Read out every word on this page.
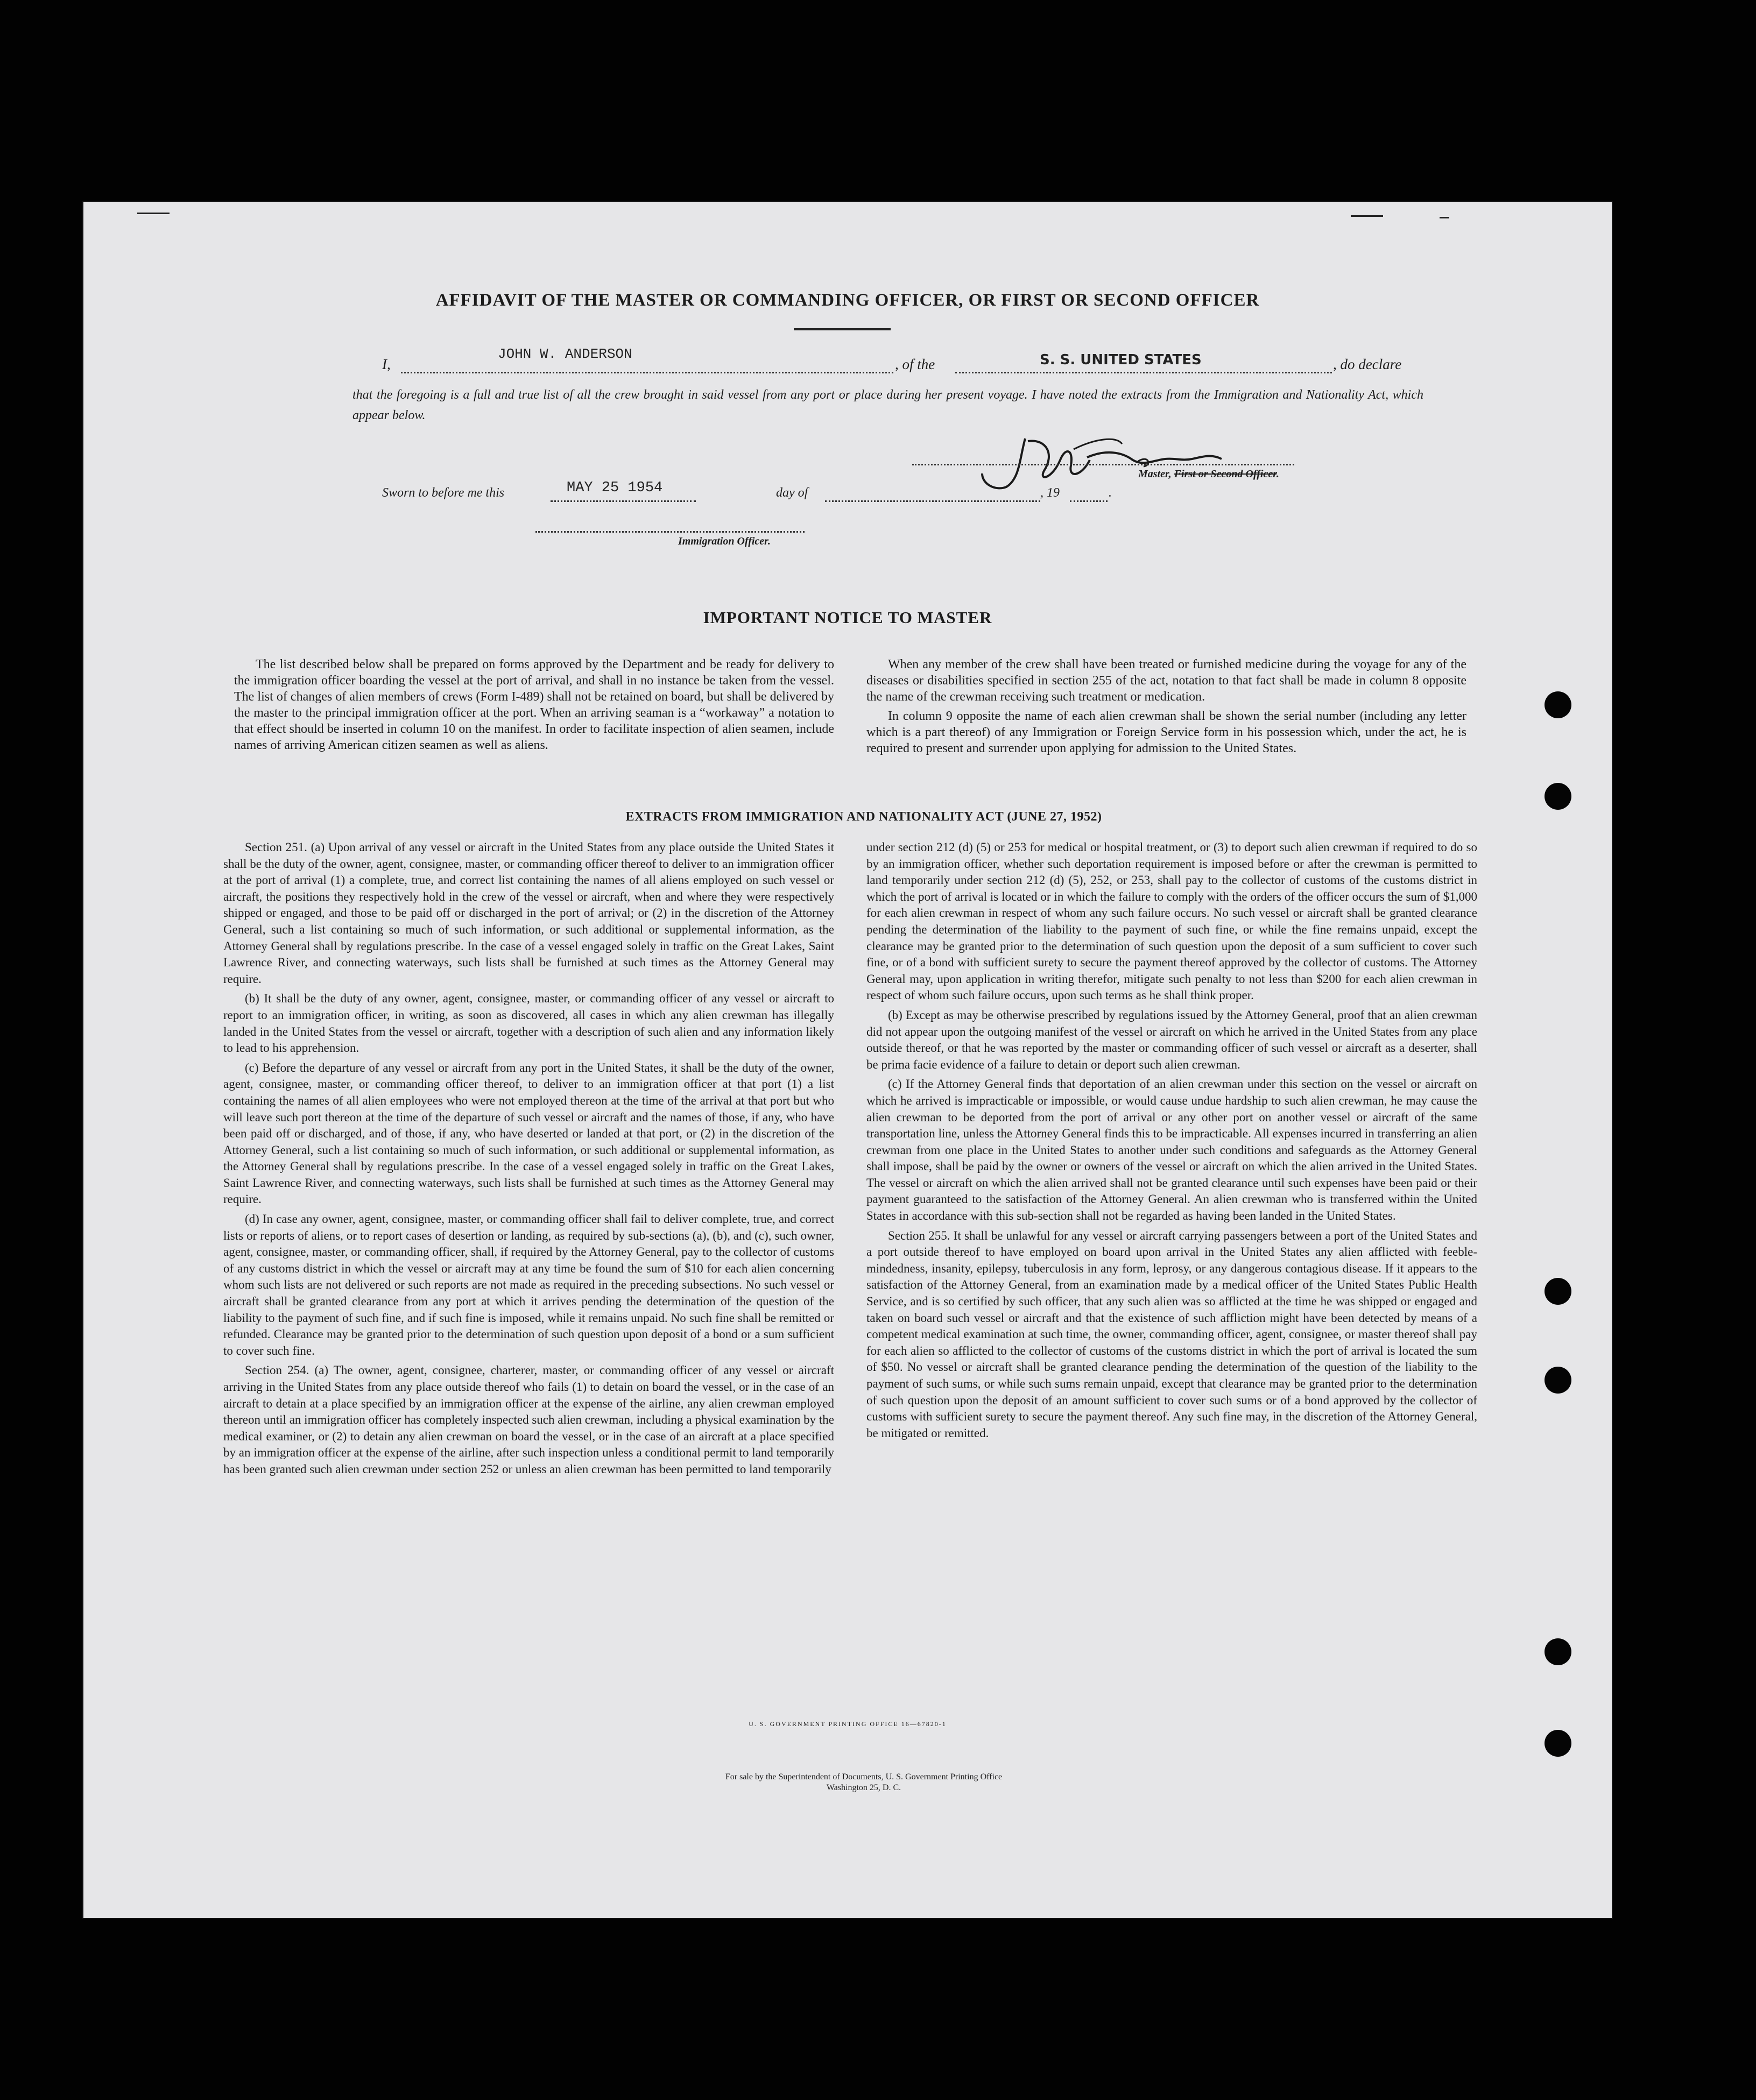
AFFIDAVIT OF THE MASTER OR COMMANDING OFFICER, OR FIRST OR SECOND OFFICER
I,
JOHN W. ANDERSON
, of the	S. S. UNITED STATES	, do declare
that the foregoing is a full and true list of all the crew brought in said vessel from any port or place during her present voyage. I have noted the extracts from the Immigration and Nationality Act, which appear below.
Master, First or Second Officer.
Sworn to before me this	MAY 25 1954	day of	, 19	.
Immigration Officer.
IMPORTANT NOTICE TO MASTER

The list described below shall be prepared on forms approved by the Department and be ready for delivery to the immigration officer boarding the vessel at the port of arrival, and shall in no instance be taken from the vessel. The list of changes of alien members of crews (Form I-489) shall not be retained on board, but shall be delivered by the master to the principal immigration officer at the port. When an arriving seaman is a “workaway” a notation to that effect should be inserted in column 10 on the manifest. In order to facilitate inspection of alien seamen, include names of arriving American citizen seamen as well as aliens.

When any member of the crew shall have been treated or furnished medicine during the voyage for any of the diseases or disabilities specified in section 255 of the act, notation to that fact shall be made in column 8 opposite the name of the crewman receiving such treatment or medication.

In column 9 opposite the name of each alien crewman shall be shown the serial number (including any letter which is a part thereof) of any Immigration or Foreign Service form in his possession which, under the act, he is required to present and surrender upon applying for admission to the United States.

EXTRACTS FROM IMMIGRATION AND NATIONALITY ACT (JUNE 27, 1952)

Section 251. (a) Upon arrival of any vessel or aircraft in the United States from any place outside the United States it shall be the duty of the owner, agent, consignee, master, or commanding officer thereof to deliver to an immigration officer at the port of arrival (1) a complete, true, and correct list containing the names of all aliens employed on such vessel or aircraft, the positions they respectively hold in the crew of the vessel or aircraft, when and where they were respectively shipped or engaged, and those to be paid off or discharged in the port of arrival; or (2) in the discretion of the Attorney General, such a list containing so much of such information, or such additional or supplemental information, as the Attorney General shall by regulations prescribe. In the case of a vessel engaged solely in traffic on the Great Lakes, Saint Lawrence River, and connecting waterways, such lists shall be furnished at such times as the Attorney General may require.

(b) It shall be the duty of any owner, agent, consignee, master, or commanding officer of any vessel or aircraft to report to an immigration officer, in writing, as soon as discovered, all cases in which any alien crewman has illegally landed in the United States from the vessel or aircraft, together with a description of such alien and any information likely to lead to his apprehension.

(c) Before the departure of any vessel or aircraft from any port in the United States, it shall be the duty of the owner, agent, consignee, master, or commanding officer thereof, to deliver to an immigration officer at that port (1) a list containing the names of all alien employees who were not employed thereon at the time of the arrival at that port but who will leave such port thereon at the time of the departure of such vessel or aircraft and the names of those, if any, who have been paid off or discharged, and of those, if any, who have deserted or landed at that port, or (2) in the discretion of the Attorney General, such a list containing so much of such information, or such additional or supplemental information, as the Attorney General shall by regulations prescribe. In the case of a vessel engaged solely in traffic on the Great Lakes, Saint Lawrence River, and connecting waterways, such lists shall be furnished at such times as the Attorney General may require.

(d) In case any owner, agent, consignee, master, or commanding officer shall fail to deliver complete, true, and correct lists or reports of aliens, or to report cases of desertion or landing, as required by sub-sections (a), (b), and (c), such owner, agent, consignee, master, or commanding officer, shall, if required by the Attorney General, pay to the collector of customs of any customs district in which the vessel or aircraft may at any time be found the sum of $10 for each alien concerning whom such lists are not delivered or such reports are not made as required in the preceding subsections. No such vessel or aircraft shall be granted clearance from any port at which it arrives pending the determination of the question of the liability to the payment of such fine, and if such fine is imposed, while it remains unpaid. No such fine shall be remitted or refunded. Clearance may be granted prior to the determination of such question upon deposit of a bond or a sum sufficient to cover such fine.

Section 254. (a) The owner, agent, consignee, charterer, master, or commanding officer of any vessel or aircraft arriving in the United States from any place outside thereof who fails (1) to detain on board the vessel, or in the case of an aircraft to detain at a place specified by an immigration officer at the expense of the airline, any alien crewman employed thereon until an immigration officer has completely inspected such alien crewman, including a physical examination by the medical examiner, or (2) to detain any alien crewman on board the vessel, or in the case of an aircraft at a place specified by an immigration officer at the expense of the airline, after such inspection unless a conditional permit to land temporarily has been granted such alien crewman under section 252 or unless an alien crewman has been permitted to land temporarily

under section 212 (d) (5) or 253 for medical or hospital treatment, or (3) to deport such alien crewman if required to do so by an immigration officer, whether such deportation requirement is imposed before or after the crewman is permitted to land temporarily under section 212 (d) (5), 252, or 253, shall pay to the collector of customs of the customs district in which the port of arrival is located or in which the failure to comply with the orders of the officer occurs the sum of $1,000 for each alien crewman in respect of whom any such failure occurs. No such vessel or aircraft shall be granted clearance pending the determination of the liability to the payment of such fine, or while the fine remains unpaid, except the clearance may be granted prior to the determination of such question upon the deposit of a sum sufficient to cover such fine, or of a bond with sufficient surety to secure the payment thereof approved by the collector of customs. The Attorney General may, upon application in writing therefor, mitigate such penalty to not less than $200 for each alien crewman in respect of whom such failure occurs, upon such terms as he shall think proper.

(b) Except as may be otherwise prescribed by regulations issued by the Attorney General, proof that an alien crewman did not appear upon the outgoing manifest of the vessel or aircraft on which he arrived in the United States from any place outside thereof, or that he was reported by the master or commanding officer of such vessel or aircraft as a deserter, shall be prima facie evidence of a failure to detain or deport such alien crewman.

(c) If the Attorney General finds that deportation of an alien crewman under this section on the vessel or aircraft on which he arrived is impracticable or impossible, or would cause undue hardship to such alien crewman, he may cause the alien crewman to be deported from the port of arrival or any other port on another vessel or aircraft of the same transportation line, unless the Attorney General finds this to be impracticable. All expenses incurred in transferring an alien crewman from one place in the United States to another under such conditions and safeguards as the Attorney General shall impose, shall be paid by the owner or owners of the vessel or aircraft on which the alien arrived in the United States. The vessel or aircraft on which the alien arrived shall not be granted clearance until such expenses have been paid or their payment guaranteed to the satisfaction of the Attorney General. An alien crewman who is transferred within the United States in accordance with this sub-section shall not be regarded as having been landed in the United States.

Section 255. It shall be unlawful for any vessel or aircraft carrying passengers between a port of the United States and a port outside thereof to have employed on board upon arrival in the United States any alien afflicted with feeble-mindedness, insanity, epilepsy, tuberculosis in any form, leprosy, or any dangerous contagious disease. If it appears to the satisfaction of the Attorney General, from an examination made by a medical officer of the United States Public Health Service, and is so certified by such officer, that any such alien was so afflicted at the time he was shipped or engaged and taken on board such vessel or aircraft and that the existence of such affliction might have been detected by means of a competent medical examination at such time, the owner, commanding officer, agent, consignee, or master thereof shall pay for each alien so afflicted to the collector of customs of the customs district in which the port of arrival is located the sum of $50. No vessel or aircraft shall be granted clearance pending the determination of the question of the liability to the payment of such sums, or while such sums remain unpaid, except that clearance may be granted prior to the determination of such question upon the deposit of an amount sufficient to cover such sums or of a bond approved by the collector of customs with sufficient surety to secure the payment thereof. Any such fine may, in the discretion of the Attorney General, be mitigated or remitted.

U. S. GOVERNMENT PRINTING OFFICE 16—67820-1
For sale by the Superintendent of Documents, U. S. Government Printing Office
Washington 25, D. C.
